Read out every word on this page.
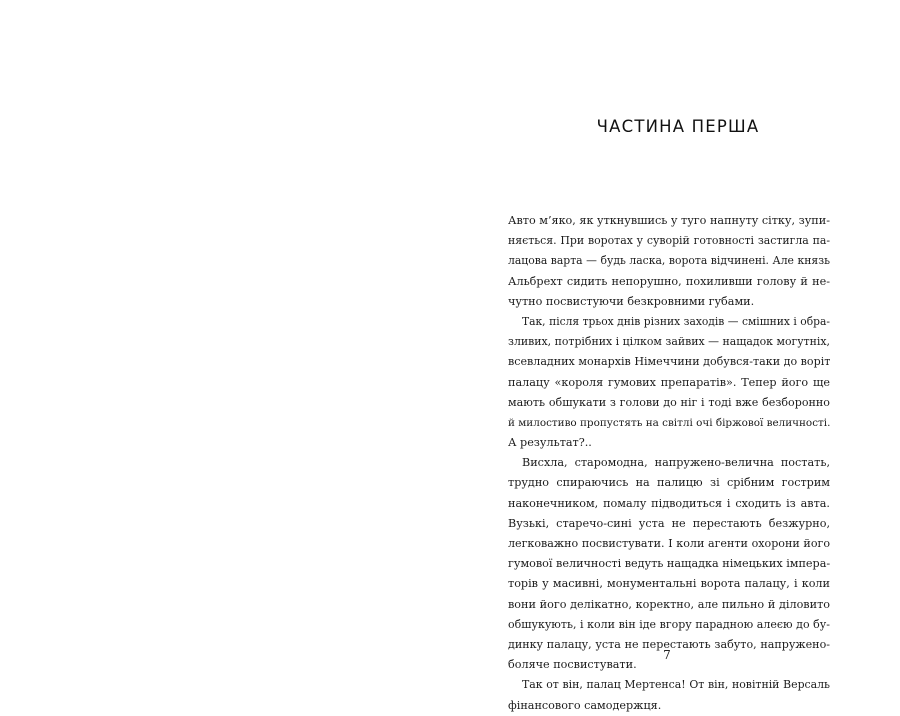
ЧАСТИНА ПЕРША
Авто м’яко, як уткнувшись у туго напнуту сітку, зупи-
няється. При воротах у суворій готовності застигла па-
лацова варта — будь ласка, ворота відчинені. Але князь
Альбрехт сидить непорушно, похиливши голову й не-
чутно посвистуючи безкровними губами.
Так, після трьох днів різних заходів — смішних і обра-
зливих, потрібних і цілком зайвих — нащадок могутніх,
всевладних монархів Німеччини добувся-таки до воріт
палацу «короля гумових препаратів». Тепер його ще
мають обшукати з голови до ніг і тоді вже безборонно
й милостиво пропустять на світлі очі біржової величності.
А результат?..
Висхла, старомодна, напружено-велична постать,
трудно спираючись на палицю зі срібним гострим
наконечником, помалу підводиться і сходить із авта.
Вузькі, старечо-сині уста не перестають безжурно,
легковажно посвистувати. І коли агенти охорони його
гумової величності ведуть нащадка німецьких імпера-
торів у масивні, монументальні ворота палацу, і коли
вони його делікатно, коректно, але пильно й діловито
обшукують, і коли він іде вгору парадною алеєю до бу-
динку палацу, уста не перестають забуто, напружено-
боляче посвистувати.
Так от він, палац Мертенса! От він, новітній Версаль
фінансового самодержця.
7
